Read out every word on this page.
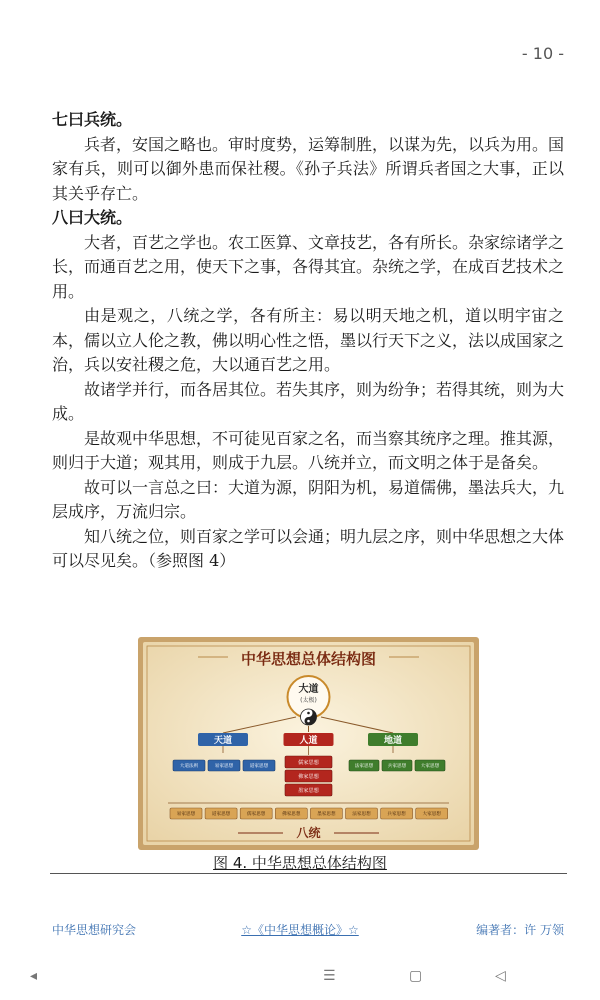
- 10 -

七曰兵统。

兵者，安国之略也。审时度势，运筹制胜，以谋为先，以兵为用。国家有兵，则可以御外患而保社稷。《孙子兵法》所谓兵者国之大事，正以其关乎存亡。

八曰大统。

大者，百艺之学也。农工医算、文章技艺，各有所长。杂家综诸学之长，而通百艺之用，使天下之事，各得其宜。杂统之学，在成百艺技术之用。

由是观之，八统之学，各有所主：易以明天地之机，道以明宇宙之本，儒以立人伦之教，佛以明心性之悟，墨以行天下之义，法以成国家之治，兵以安社稷之危，大以通百艺之用。

故诸学并行，而各居其位。若失其序，则为纷争；若得其统，则为大成。

是故观中华思想，不可徒见百家之名，而当察其统序之理。推其源，则归于大道；观其用，则成于九层。八统并立，而文明之体于是备矣。

故可以一言总之曰：大道为源，阴阳为机，易道儒佛，墨法兵大，九层成序，万流归宗。

知八统之位，则百家之学可以会通；明九层之序，则中华思想之大体可以尽见矣。（参照图 4）

中华思想总体结构图
大道
(太极)
天道	人道	地道
大道法则	易家思想	道家思想
儒家思想
佛家思想
墨家思想
法家思想	兵家思想	大家思想
易家思想	道家思想	儒家思想	佛家思想	墨家思想	法家思想	兵家思想	大家思想
八统
图 4. 中华思想总体结构图
中华思想研究会	☆《中华思想概论》☆	编著者：许 万领
◂	☰	▢	◁
